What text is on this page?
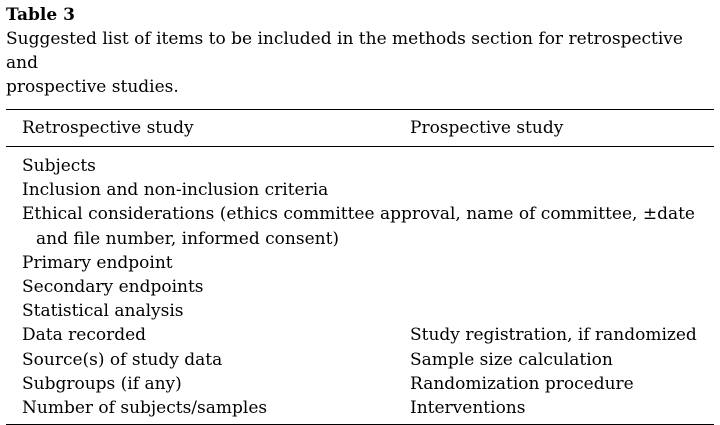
Table 3

Suggested list of items to be included in the methods section for retrospective and

prospective studies.

Retrospective study	Prospective study
Subjects
Inclusion and non-inclusion criteria
Ethical considerations (ethics committee approval, name of committee, ±date
and file number, informed consent)
Primary endpoint
Secondary endpoints
Statistical analysis
Data recorded	Study registration, if randomized
Source(s) of study data	Sample size calculation
Subgroups (if any)	Randomization procedure
Number of subjects/samples	Interventions
